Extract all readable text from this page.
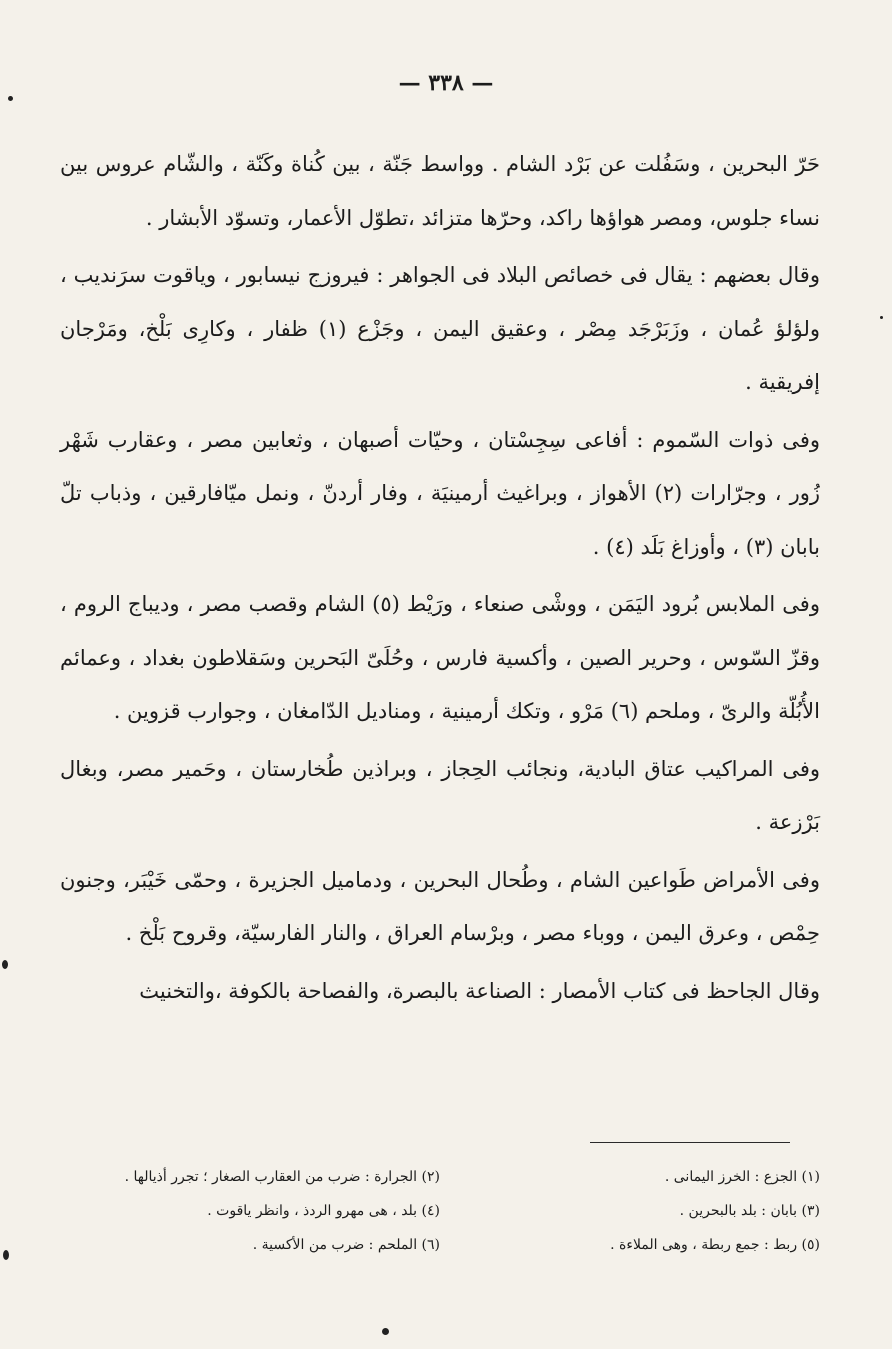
— ٣٣٨ —

حَرّ البحرين ، وسَفُلت عن بَرْد الشام . وواسط جَنّة ، بين كُناة وكَنّة ، والشّام عروس بين نساء جلوس، ومصر هواؤها راكد، وحرّها متزائد ،تطوّل الأعمار، وتسوّد الأبشار .

وقال بعضهم : يقال فى خصائص البلاد فى الجواهر : فيروزج نيسابور ، وياقوت سرَنديب ، ولؤلؤ عُمان ، وزَبَرْجَد مِصْر ، وعقيق اليمن ، وجَزْع (١) ظفار ، وكارِى بَلْخ، ومَرْجان إفريقية .

وفى ذوات السّموم : أفاعى سِجِسْتان ، وحيّات أصبهان ، وثعابين مصر ، وعقارب شَهْر زُور ، وجرّارات (٢) الأهواز ، وبراغيث أرمينيَة ، وفار أردنّ ، ونمل ميّافارقين ، وذباب تلّ بابان (٣) ، وأوزاغ بَلَد (٤) .

وفى الملابس بُرود اليَمَن ، ووشْى صنعاء ، ورَيْط (٥) الشام وقصب مصر ، وديباج الروم ، وقزّ السّوس ، وحرير الصين ، وأكسية فارس ، وحُلَىّ البَحرين وسَقلاطون بغداد ، وعمائم الأُبُلّة والرىّ ، وملحم (٦) مَرْو ، وتكك أرمينية ، ومناديل الدّامغان ، وجوارب قزوين .

وفى المراكيب عتاق البادية، ونجائب الحِجاز ، وبراذين طُخارستان ، وحَمير مصر، وبغال بَرْزعة .

وفى الأمراض طَواعين الشام ، وطُحال البحرين ، ودماميل الجزيرة ، وحمّى خَيْبَر، وجنون حِمْص ، وعرق اليمن ، ووباء مصر ، وبرْسام العراق ، والنار الفارسيّة، وقروح بَلْخ .

وقال الجاحظ فى كتاب الأمصار : الصناعة بالبصرة، والفصاحة بالكوفة ،والتخنيث

(١) الجزع : الخرز اليمانى .
(٢) الجرارة : ضرب من العقارب الصغار ؛ تجرر أذيالها .
(٣) بابان : بلد بالبحرين .
(٤) بلد ، هى مهرو الردذ ، وانظر ياقوت .
(٥) ربط : جمع ربطة ، وهى الملاءة .
(٦) الملحم : ضرب من الأكسية .
